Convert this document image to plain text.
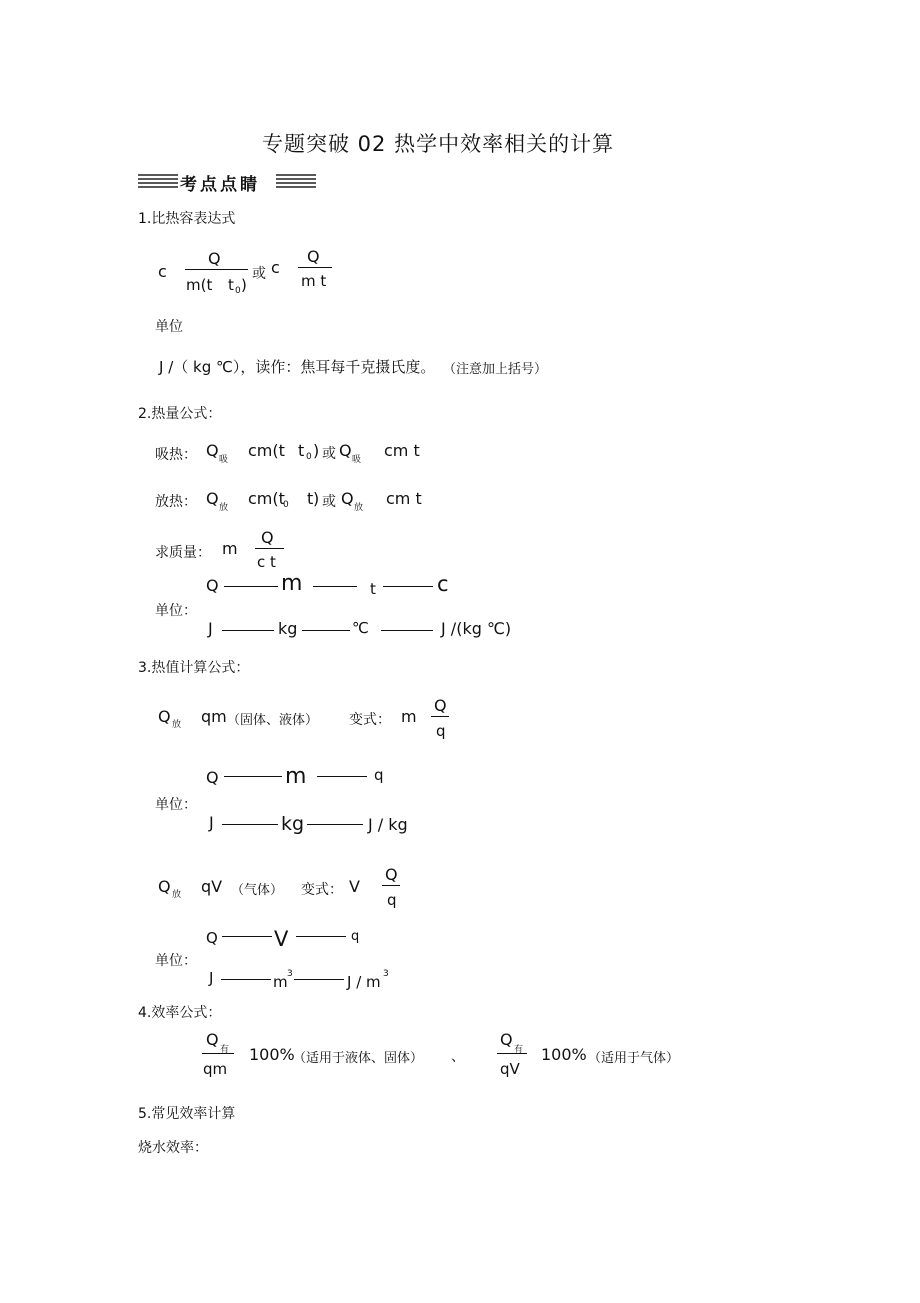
专题突破 02 热学中效率相关的计算
考点点睛
1.比热容表达式
c
Q
m(t t 0 )
或 c
Q
m t
单位
J /（ kg ℃），读作：焦耳每千克摄氏度。 （注意加上括号）
2.热量公式：
吸热： Q 吸 cm(t t 0 ) 或 Q 吸 cm t
放热： Q 放 cm(t
0 t ) 或 Q 放 cm t
求质量： m
Q
c t
单位：
Q	m	t	c
J	kg	℃	J /(kg ℃)
3.热值计算公式：
Q 放 qm （固体、液体） 变式： m
Q
q
单位：
Q	m	q
J	kg	J / kg
Q 放 qV （气体） 变式： V
Q
q
单位：
Q	V	q
J	m 3	J / m 3
4.效率公式：
Q
有
qm
100%
（适用于液体、固体） 、
Q
有
qV
100% （适用于气体）
5.常见效率计算
烧水效率：
